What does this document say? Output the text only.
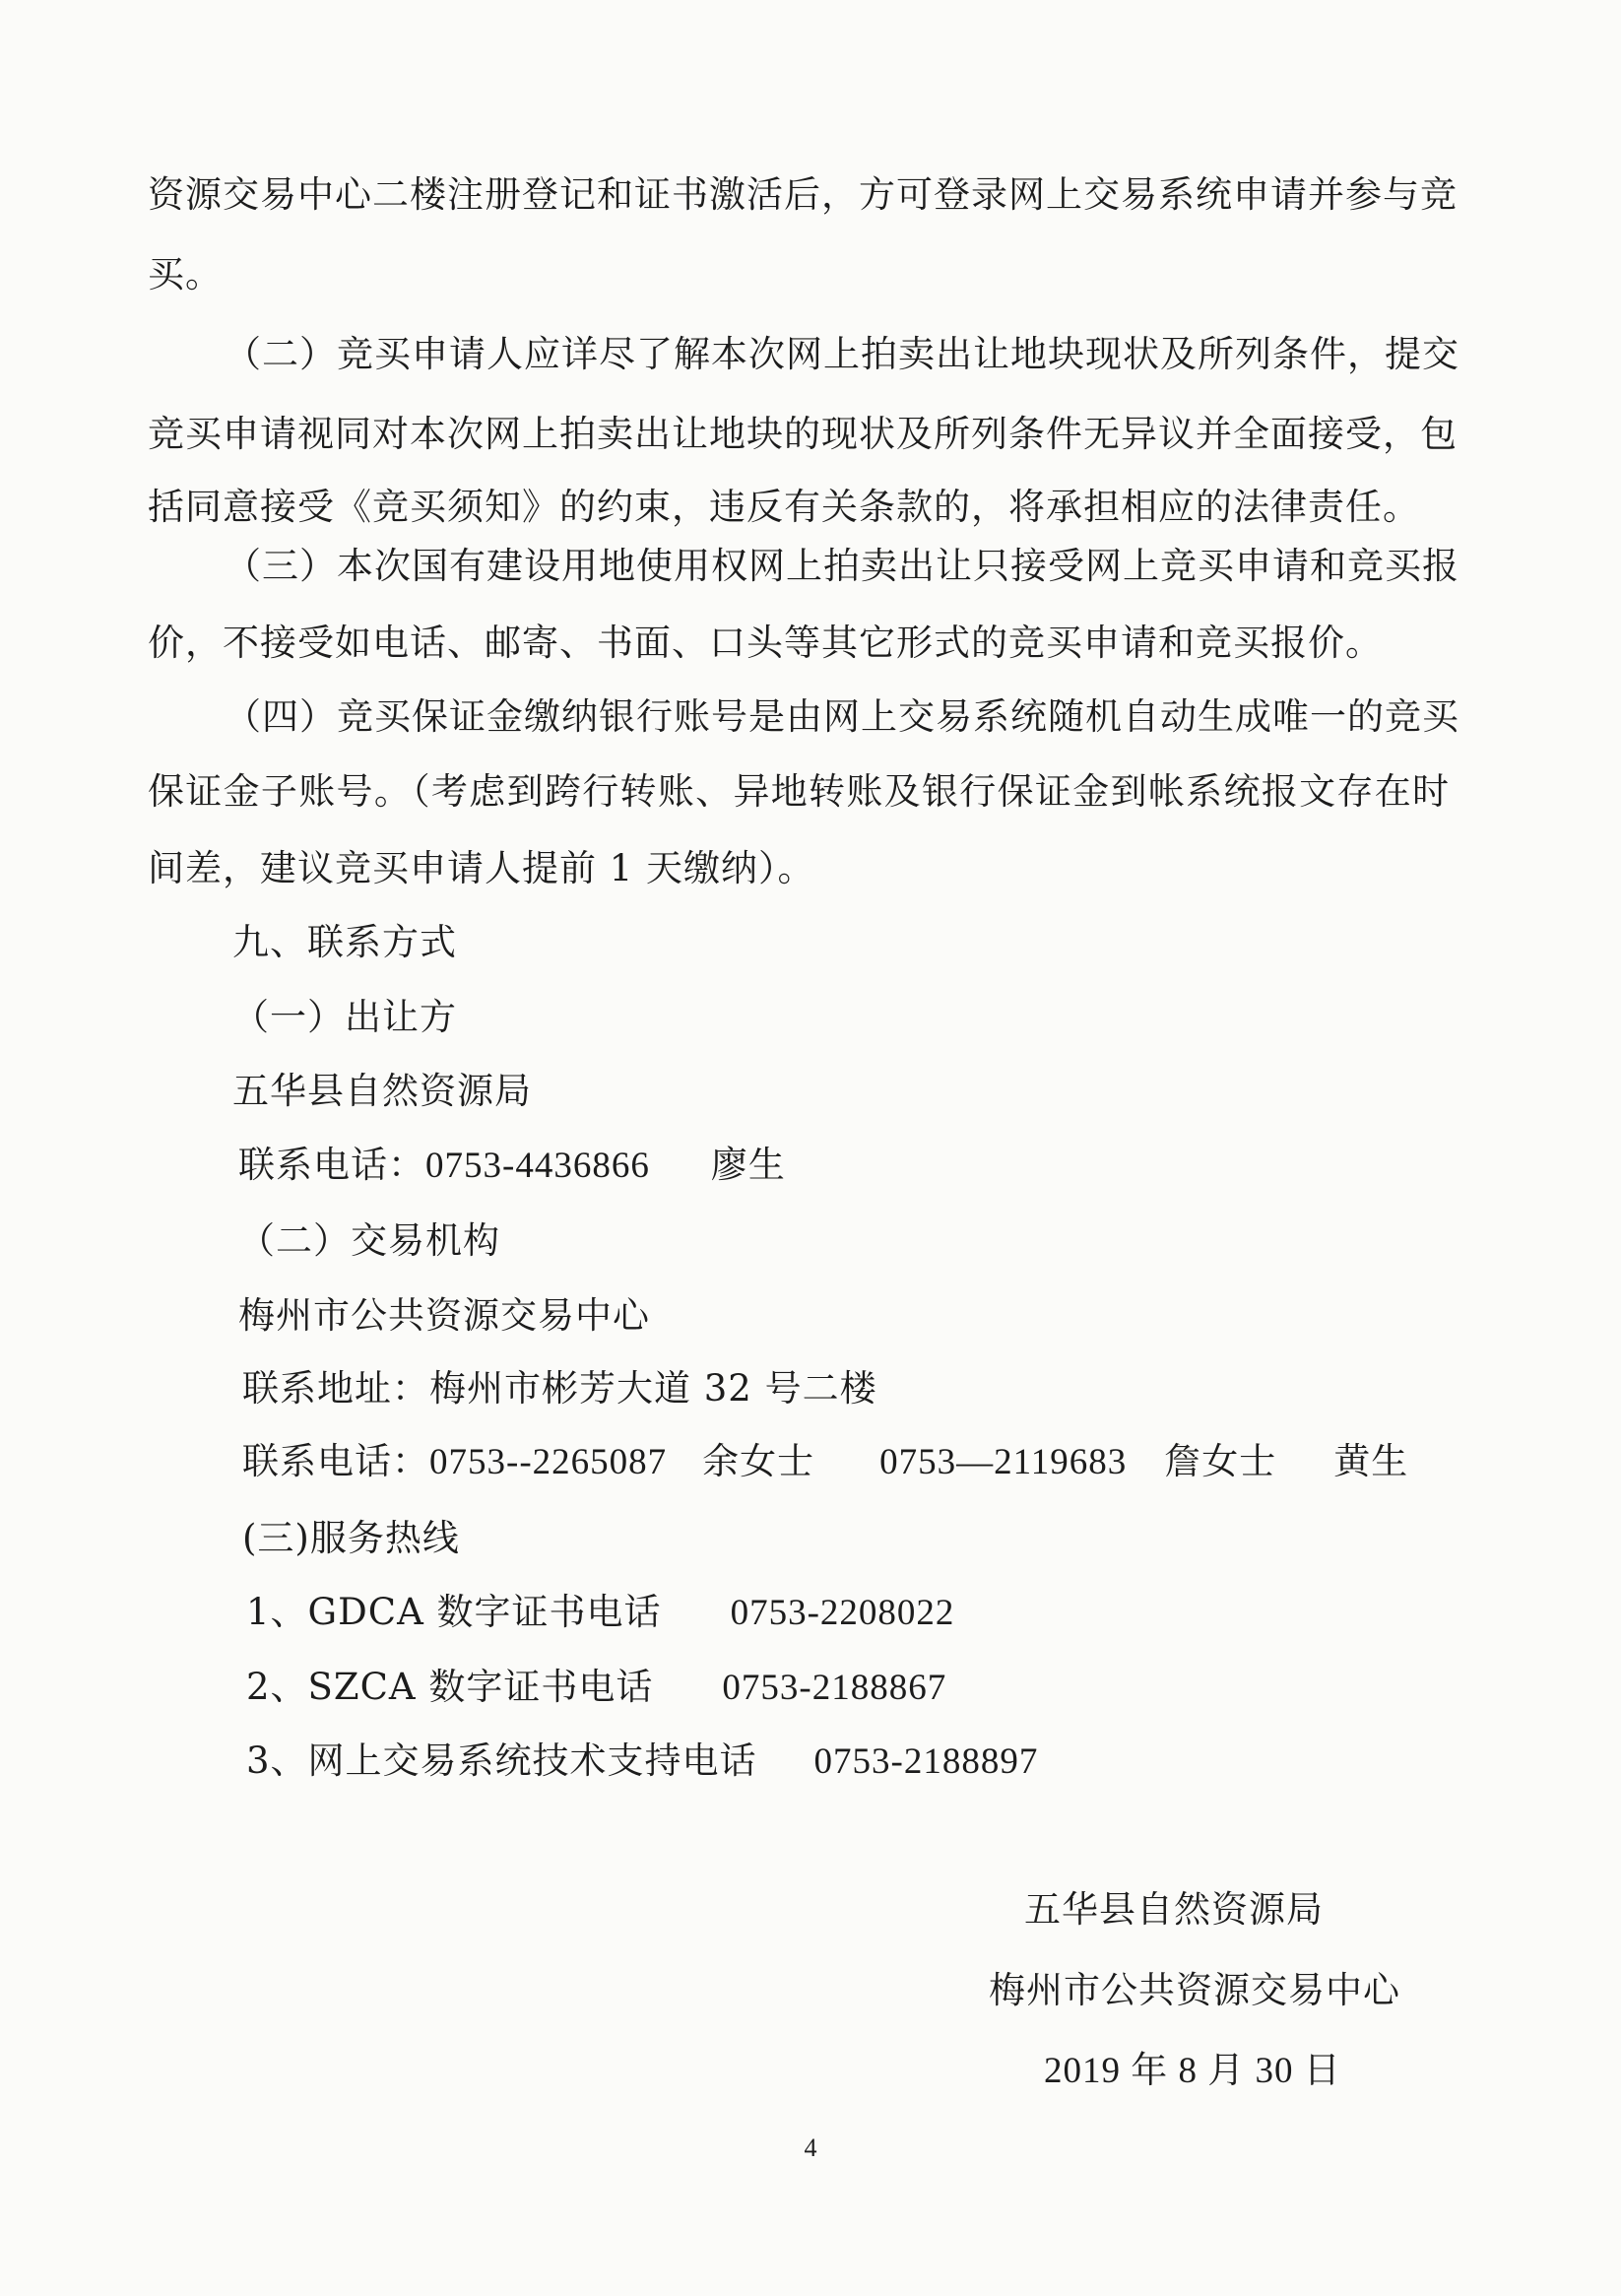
资源交易中心二楼注册登记和证书激活后，方可登录网上交易系统申请并参与竞
买。
（二）竞买申请人应详尽了解本次网上拍卖出让地块现状及所列条件，提交
竞买申请视同对本次网上拍卖出让地块的现状及所列条件无异议并全面接受，包
括同意接受《竞买须知》的约束，违反有关条款的，将承担相应的法律责任。
（三）本次国有建设用地使用权网上拍卖出让只接受网上竞买申请和竞买报
价，不接受如电话、邮寄、书面、口头等其它形式的竞买申请和竞买报价。
（四）竞买保证金缴纳银行账号是由网上交易系统随机自动生成唯一的竞买
保证金子账号。（考虑到跨行转账、异地转账及银行保证金到帐系统报文存在时
间差，建议竞买申请人提前 1 天缴纳）。
九、联系方式
（一）出让方
五华县自然资源局
联系电话：0753-4436866 廖生
（二）交易机构
梅州市公共资源交易中心
联系地址：梅州市彬芳大道 32 号二楼
联系电话：0753--2265087 余女士 0753—2119683 詹女士 黄生
(三)服务热线
1、GDCA 数字证书电话 0753-2208022
2、SZCA 数字证书电话 0753-2188867
3、网上交易系统技术支持电话 0753-2188897
五华县自然资源局
梅州市公共资源交易中心
2019 年 8 月 30 日
4
